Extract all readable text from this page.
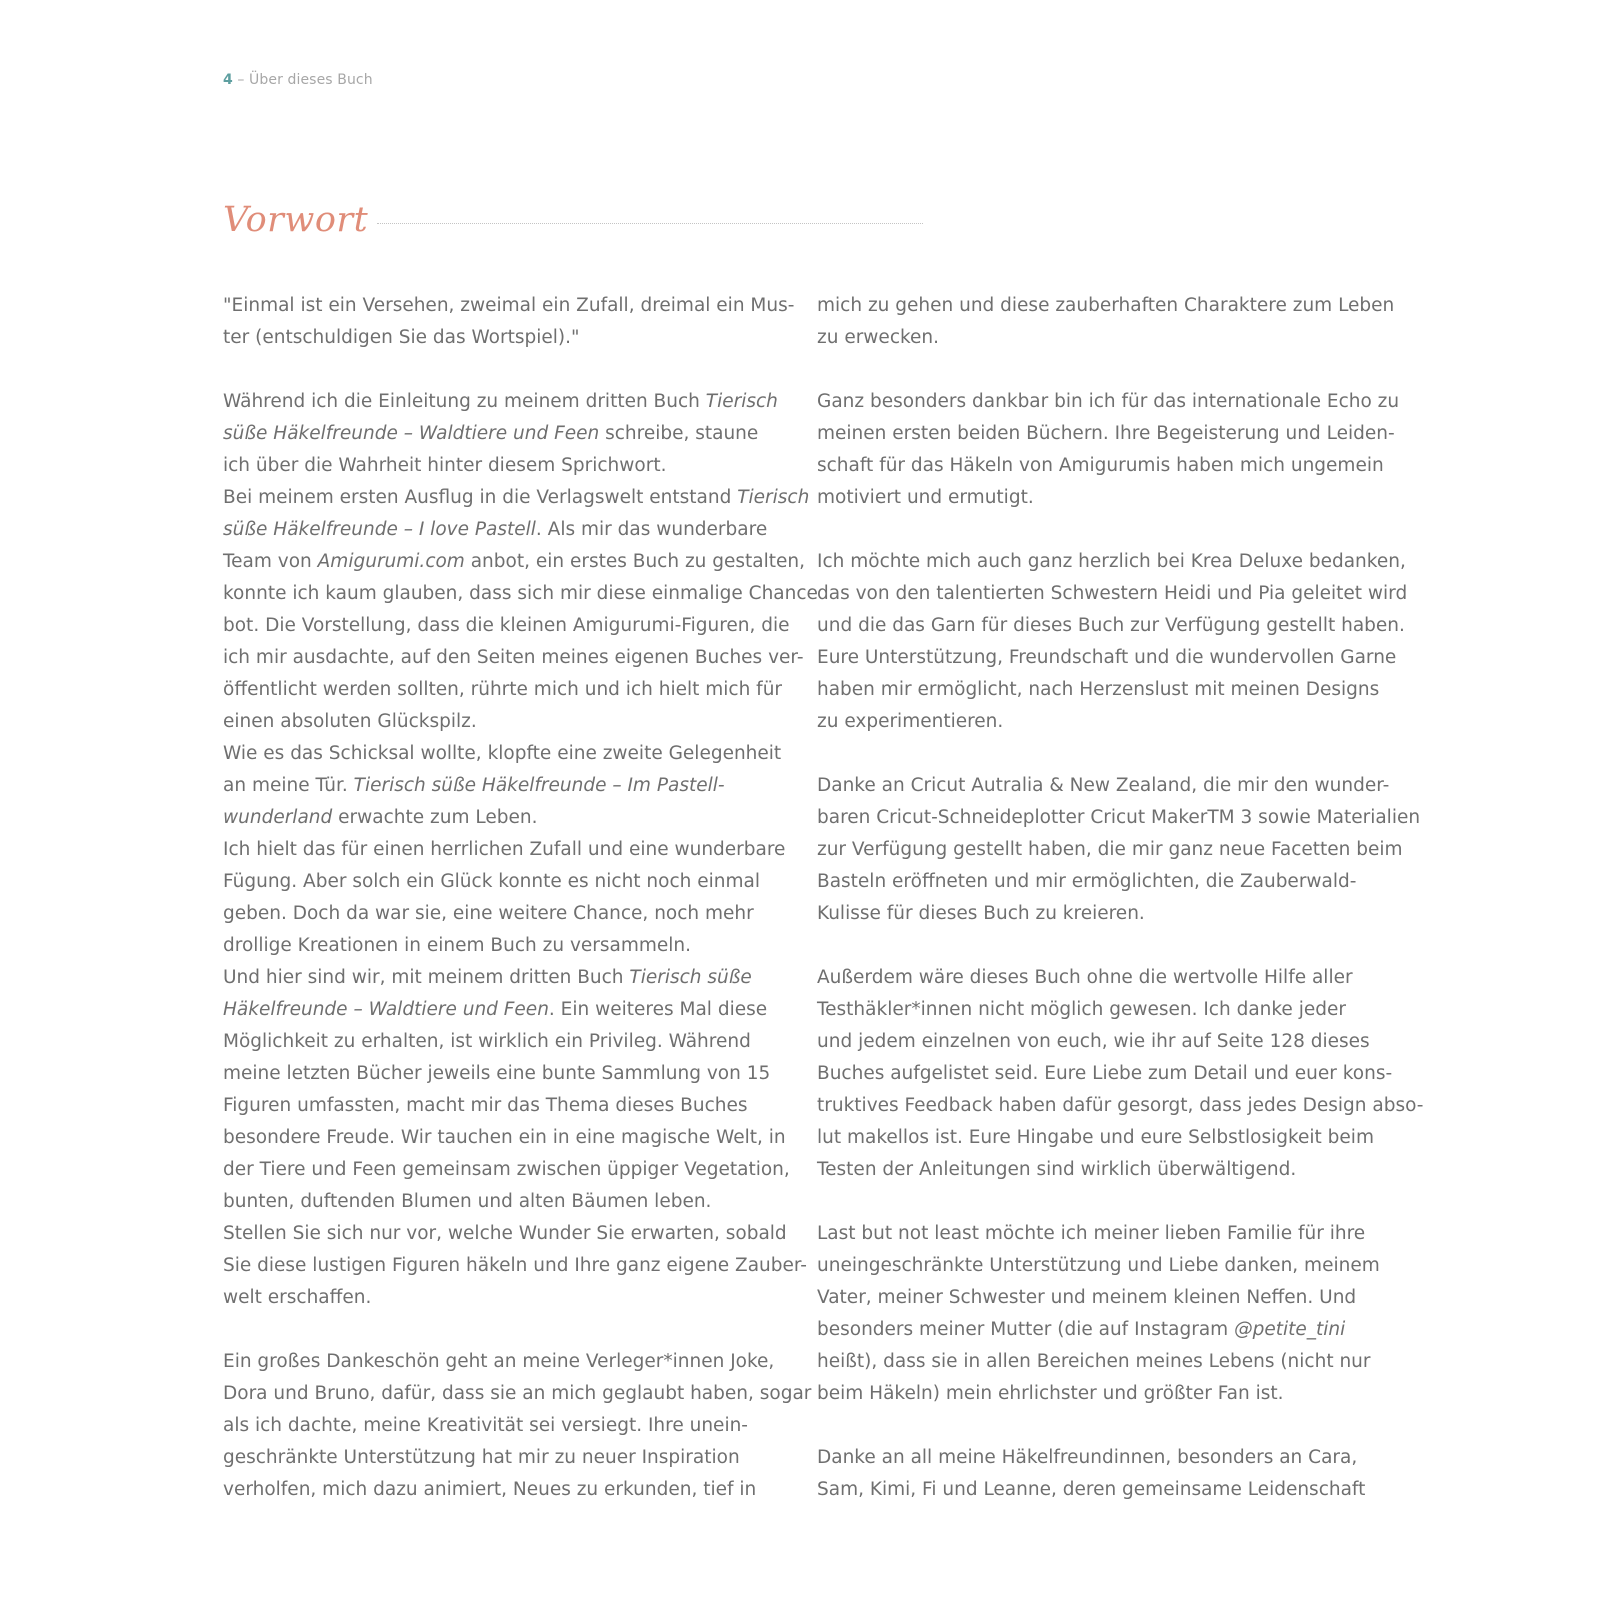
4 – Über dieses Buch
Vorwort
"Einmal ist ein Versehen, zweimal ein Zufall, dreimal ein Mus-
ter (entschuldigen Sie das Wortspiel)."
Während ich die Einleitung zu meinem dritten Buch Tierisch
süße Häkelfreunde – Waldtiere und Feen schreibe, staune
ich über die Wahrheit hinter diesem Sprichwort.
Bei meinem ersten Ausflug in die Verlagswelt entstand Tierisch
süße Häkelfreunde – I love Pastell. Als mir das wunderbare
Team von Amigurumi.com anbot, ein erstes Buch zu gestalten,
konnte ich kaum glauben, dass sich mir diese einmalige Chance
bot. Die Vorstellung, dass die kleinen Amigurumi-Figuren, die
ich mir ausdachte, auf den Seiten meines eigenen Buches ver-
öffentlicht werden sollten, rührte mich und ich hielt mich für
einen absoluten Glückspilz.
Wie es das Schicksal wollte, klopfte eine zweite Gelegenheit
an meine Tür. Tierisch süße Häkelfreunde – Im Pastell-
wunderland erwachte zum Leben.
Ich hielt das für einen herrlichen Zufall und eine wunderbare
Fügung. Aber solch ein Glück konnte es nicht noch einmal
geben. Doch da war sie, eine weitere Chance, noch mehr
drollige Kreationen in einem Buch zu versammeln.
Und hier sind wir, mit meinem dritten Buch Tierisch süße
Häkelfreunde – Waldtiere und Feen. Ein weiteres Mal diese
Möglichkeit zu erhalten, ist wirklich ein Privileg. Während
meine letzten Bücher jeweils eine bunte Sammlung von 15
Figuren umfassten, macht mir das Thema dieses Buches
besondere Freude. Wir tauchen ein in eine magische Welt, in
der Tiere und Feen gemeinsam zwischen üppiger Vegetation,
bunten, duftenden Blumen und alten Bäumen leben.
Stellen Sie sich nur vor, welche Wunder Sie erwarten, sobald
Sie diese lustigen Figuren häkeln und Ihre ganz eigene Zauber-
welt erschaffen.
Ein großes Dankeschön geht an meine Verleger*innen Joke,
Dora und Bruno, dafür, dass sie an mich geglaubt haben, sogar
als ich dachte, meine Kreativität sei versiegt. Ihre unein-
geschränkte Unterstützung hat mir zu neuer Inspiration
verholfen, mich dazu animiert, Neues zu erkunden, tief in
mich zu gehen und diese zauberhaften Charaktere zum Leben
zu erwecken.
Ganz besonders dankbar bin ich für das internationale Echo zu
meinen ersten beiden Büchern. Ihre Begeisterung und Leiden-
schaft für das Häkeln von Amigurumis haben mich ungemein
motiviert und ermutigt.
Ich möchte mich auch ganz herzlich bei Krea Deluxe bedanken,
das von den talentierten Schwestern Heidi und Pia geleitet wird
und die das Garn für dieses Buch zur Verfügung gestellt haben.
Eure Unterstützung, Freundschaft und die wundervollen Garne
haben mir ermöglicht, nach Herzenslust mit meinen Designs
zu experimentieren.
Danke an Cricut Autralia & New Zealand, die mir den wunder-
baren Cricut-Schneideplotter Cricut MakerTM 3 sowie Materialien
zur Verfügung gestellt haben, die mir ganz neue Facetten beim
Basteln eröffneten und mir ermöglichten, die Zauberwald-
Kulisse für dieses Buch zu kreieren.
Außerdem wäre dieses Buch ohne die wertvolle Hilfe aller
Testhäkler*innen nicht möglich gewesen. Ich danke jeder
und jedem einzelnen von euch, wie ihr auf Seite 128 dieses
Buches aufgelistet seid. Eure Liebe zum Detail und euer kons-
truktives Feedback haben dafür gesorgt, dass jedes Design abso-
lut makellos ist. Eure Hingabe und eure Selbstlosigkeit beim
Testen der Anleitungen sind wirklich überwältigend.
Last but not least möchte ich meiner lieben Familie für ihre
uneingeschränkte Unterstützung und Liebe danken, meinem
Vater, meiner Schwester und meinem kleinen Neffen. Und
besonders meiner Mutter (die auf Instagram @petite_tini
heißt), dass sie in allen Bereichen meines Lebens (nicht nur
beim Häkeln) mein ehrlichster und größter Fan ist.
Danke an all meine Häkelfreundinnen, besonders an Cara,
Sam, Kimi, Fi und Leanne, deren gemeinsame Leidenschaft
